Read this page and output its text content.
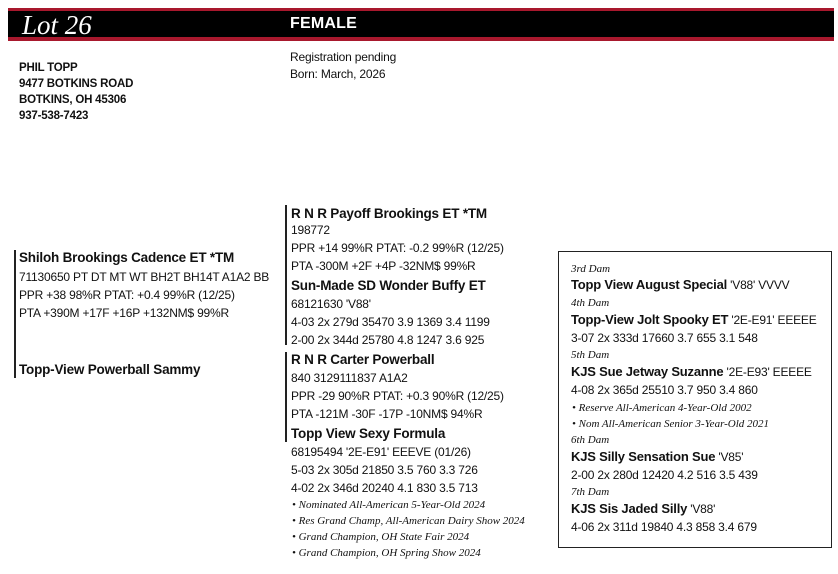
Lot 26	FEMALE
Registration pending
Born: March, 2026
PHIL TOPP
9477 BOTKINS ROAD
BOTKINS, OH 45306
937-538-7423
Shiloh Brookings Cadence ET *TM
71130650 PT DT MT WT BH2T BH14T A1A2 BB
PPR +38 98%R PTAT: +0.4 99%R (12/25)
PTA +390M +17F +16P +132NM$ 99%R
Topp-View Powerball Sammy
R N R Payoff Brookings ET *TM
198772
PPR +14 99%R PTAT: -0.2 99%R (12/25)
PTA -300M +2F +4P -32NM$ 99%R
Sun-Made SD Wonder Buffy ET
68121630 'V88'
4-03 2x 279d 35470 3.9 1369 3.4 1199
2-00 2x 344d 25780 4.8 1247 3.6 925
R N R Carter Powerball
840 3129111837 A1A2
PPR -29 90%R PTAT: +0.3 90%R (12/25)
PTA -121M -30F -17P -10NM$ 94%R
Topp View Sexy Formula
68195494 '2E-E91' EEEVE (01/26)
5-03 2x 305d 21850 3.5 760 3.3 726
4-02 2x 346d 20240 4.1 830 3.5 713
• Nominated All-American 5-Year-Old 2024
• Res Grand Champ, All-American Dairy Show 2024
• Grand Champion, OH State Fair 2024
• Grand Champion, OH Spring Show 2024
3rd Dam
Topp View August Special 'V88' VVVV
4th Dam
Topp-View Jolt Spooky ET '2E-E91' EEEEE
3-07 2x 333d 17660 3.7 655 3.1 548
5th Dam
KJS Sue Jetway Suzanne '2E-E93' EEEEE
4-08 2x 365d 25510 3.7 950 3.4 860
• Reserve All-American 4-Year-Old 2002
• Nom All-American Senior 3-Year-Old 2021
6th Dam
KJS Silly Sensation Sue 'V85'
2-00 2x 280d 12420 4.2 516 3.5 439
7th Dam
KJS Sis Jaded Silly 'V88'
4-06 2x 311d 19840 4.3 858 3.4 679
